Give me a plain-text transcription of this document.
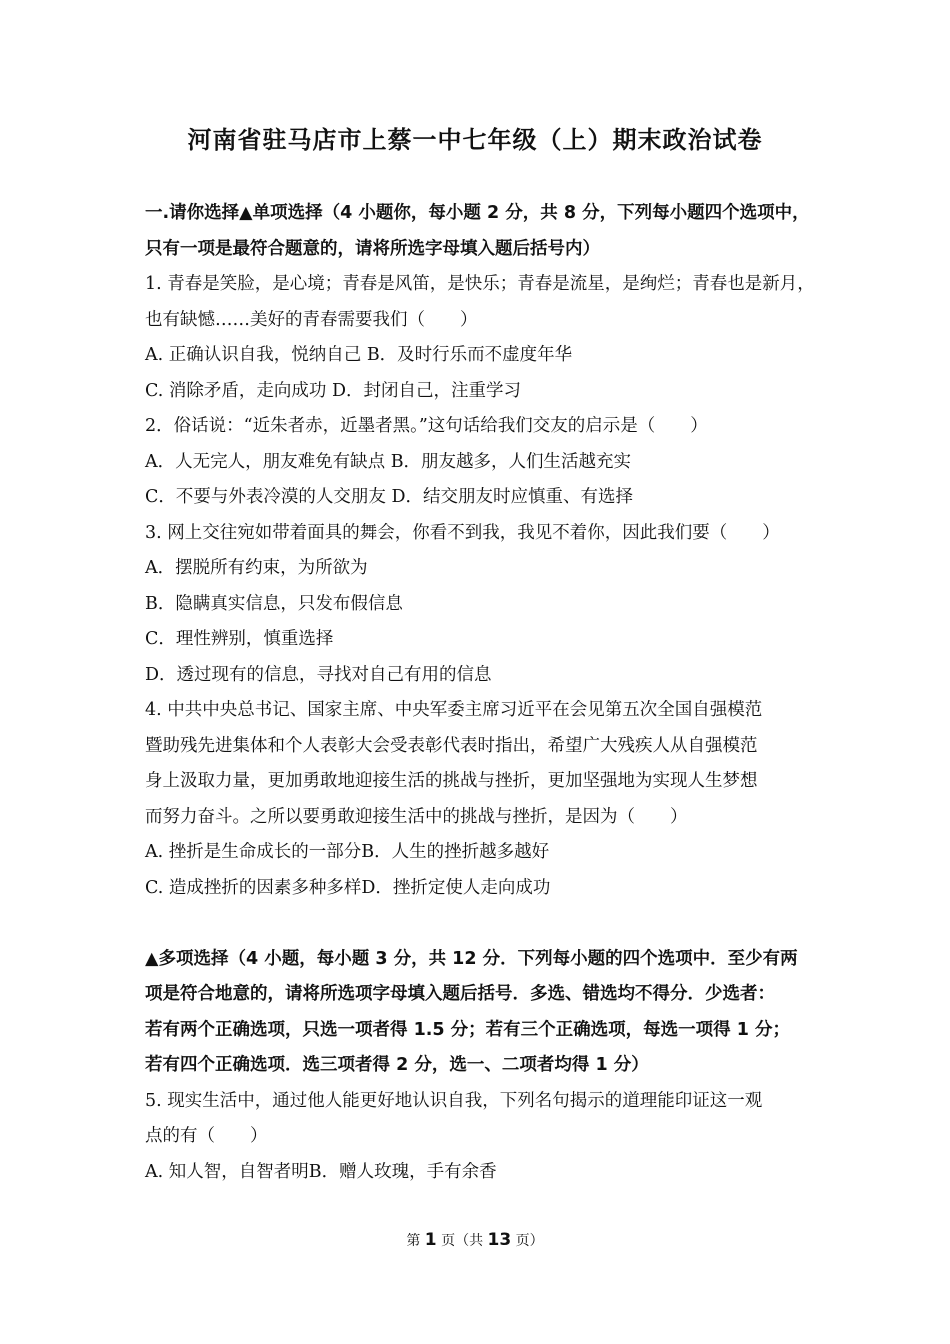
河南省驻马店市上蔡一中七年级（上）期末政治试卷
一.请你选择▲单项选择（4 小题你，每小题 2 分，共 8 分，下列每小题四个选项中，
只有一项是最符合题意的，请将所选字母填入题后括号内）
1. 青春是笑脸，是心境；青春是风笛，是快乐；青春是流星，是绚烂；青春也是新月，
也有缺憾……美好的青春需要我们（　　）
A. 正确认识自我，悦纳自己 B．及时行乐而不虚度年华
C. 消除矛盾，走向成功 D．封闭自己，注重学习
2．俗话说：“近朱者赤，近墨者黑。”这句话给我们交友的启示是（　　）
A．人无完人，朋友难免有缺点 B．朋友越多，人们生活越充实
C．不要与外表冷漠的人交朋友 D．结交朋友时应慎重、有选择
3. 网上交往宛如带着面具的舞会，你看不到我，我见不着你，因此我们要（　　）
A．摆脱所有约束，为所欲为
B．隐瞒真实信息，只发布假信息
C．理性辨别，慎重选择
D．透过现有的信息，寻找对自己有用的信息
4. 中共中央总书记、国家主席、中央军委主席习近平在会见第五次全国自强模范
暨助残先进集体和个人表彰大会受表彰代表时指出，希望广大残疾人从自强模范
身上汲取力量，更加勇敢地迎接生活的挑战与挫折，更加坚强地为实现人生梦想
而努力奋斗。之所以要勇敢迎接生活中的挑战与挫折，是因为（　　）
A. 挫折是生命成长的一部分B．人生的挫折越多越好
C. 造成挫折的因素多种多样D．挫折定使人走向成功
▲多项选择（4 小题，每小题 3 分，共 12 分．下列每小题的四个选项中．至少有两
项是符合地意的，请将所选项字母填入题后括号．多选、错选均不得分．少选者：
若有两个正确选项，只选一项者得 1.5 分；若有三个正确选项，每选一项得 1 分；
若有四个正确选项．选三项者得 2 分，选一、二项者均得 1 分）
5. 现实生活中，通过他人能更好地认识自我，下列名句揭示的道理能印证这一观
点的有（　　）
A. 知人智，自智者明B．赠人玫瑰，手有余香
第 1 页（共 13 页）
